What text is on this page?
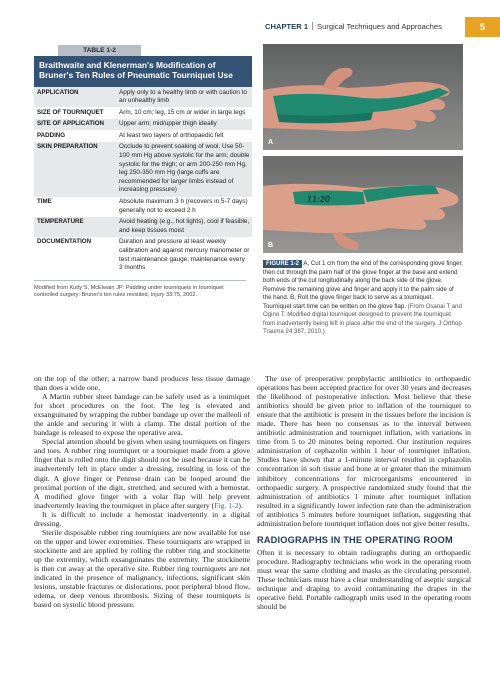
CHAPTER 1 Surgical Techniques and Approaches	5
TABLE 1-2
Braithwaite and Klenerman's Modification of Bruner's Ten Rules of Pneumatic Tourniquet Use
APPLICATION	Apply only to a healthy limb or with caution to an unhealthy limb
SIZE OF TOURNIQUET	Arm, 10 cm; leg, 15 cm or wider in large legs
SITE OF APPLICATION	Upper arm; mid/upper thigh ideally
PADDING	At least two layers of orthopaedic felt
SKIN PREPARATION	Occlude to prevent soaking of wool. Use 50-100 mm Hg above systolic for the arm; double systolic for the thigh; or arm 200-250 mm Hg, leg 250-350 mm Hg (large cuffs are recommended for larger limbs instead of increasing pressure)
TIME	Absolute maximum 3 h (recovers in 5-7 days) generally not to exceed 2 h
TEMPERATURE	Avoid heating (e.g., hot lights), cool if feasible, and keep tissues moist
DOCUMENTATION	Duration and pressure at least weekly calibration and against mercury manometer or test maintenance gauge; maintenance every 3 months
Modified from Kutty S, McElwain JP: Padding under tourniquets in tourniquet controlled surgery: Bruner's ten rules revisited, Injury 33:75, 2002.
A
11:20
B
FIGURE 1-2 A, Cut 1 cm from the end of the corresponding glove finger, then cut through the palm half of the glove finger at the base and extend both ends of the cut longitudinally along the back side of the glove. Remove the remaining glove and finger and apply it to the palm side of the hand. B, Roll the glove finger back to serve as a tourniquet. Tourniquet start time can be written on the glove flap. (From Osanai T and Ogino T: Modified digital tourniquet designed to prevent the tourniquet from inadvertently being left in place after the end of the surgery. J Orthop Trauma 24:387, 2010.)

on the top of the other; a narrow band produces less tissue damage than does a wide one.

A Martin rubber sheet bandage can be safely used as a tourniquet for short procedures on the foot. The leg is elevated and exsanguinated by wrapping the rubber bandage up over the malleoli of the ankle and securing it with a clamp. The distal portion of the bandage is released to expose the operative area.

Special attention should be given when using tourniquets on fingers and toes. A rubber ring tourniquet or a tourniquet made from a glove finger that is rolled onto the digit should not be used because it can be inadvertently left in place under a dressing, resulting in loss of the digit. A glove finger or Penrose drain can be looped around the proximal portion of the digit, stretched, and secured with a hemostat. A modified glove finger with a volar flap will help prevent inadvertently leaving the tourniquet in place after surgery (Fig. 1-2).

It is difficult to include a hemostat inadvertently in a digital dressing.

Sterile disposable rubber ring tourniquets are now available for use on the upper and lower extremities. These tourniquets are wrapped in stockinette and are applied by rolling the rubber ring and stockinette up the extremity, which exsanguinates the extremity. The stockinette is then cut away at the operative site. Rubber ring tourniquets are not indicated in the presence of malignancy, infections, significant skin lesions, unstable fractures or dislocations, poor peripheral blood flow, edema, or deep venous thrombosis. Sizing of these tourniquets is based on systolic blood pressure.

The use of preoperative prophylactic antibiotics in orthopaedic operations has been accepted practice for over 30 years and decreases the likelihood of postoperative infection. Most believe that these antibiotics should be given prior to inflation of the tourniquet to ensure that the antibiotic is present in the tissues before the incision is made. There has been no consensus as to the interval between antibiotic administration and tourniquet inflation, with variations in time from 5 to 20 minutes being reported. Our institution requires administration of cephazolin within 1 hour of tourniquet inflation. Studies have shown that a 1-minute interval resulted in cephazolin concentration in soft tissue and bone at or greater than the minimum inhibitory concentrations for microorganisms encountered in orthopaedic surgery. A prospective randomized study found that the administration of antibiotics 1 minute after tourniquet inflation resulted in a significantly lower infection rate than the administration of antibiotics 5 minutes before tourniquet inflation, suggesting that administration before tourniquet inflation does not give better results.

RADIOGRAPHS IN THE OPERATING ROOM

Often it is necessary to obtain radiographs during an orthopaedic procedure. Radiography technicians who work in the operating room must wear the same clothing and masks as the circulating personnel. These technicians must have a clear understanding of aseptic surgical technique and draping to avoid contaminating the drapes in the operative field. Portable radiograph units used in the operating room should be
